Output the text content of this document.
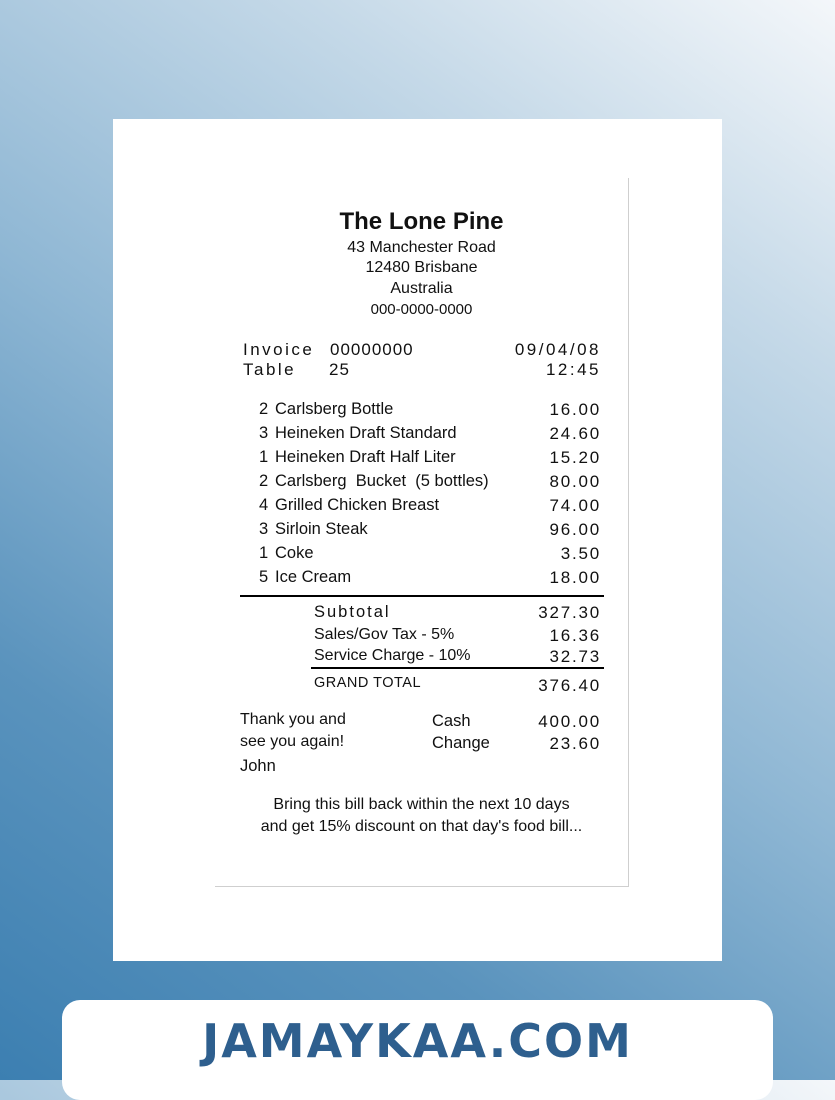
The Lone Pine
43 Manchester Road
12480 Brisbane
Australia
000-0000-0000
Invoice 00000000	09/04/08
Table 25	12:45
2 Carlsberg Bottle	16.00
3 Heineken Draft Standard	24.60
1 Heineken Draft Half Liter	15.20
2 Carlsberg  Bucket  (5 bottles)	80.00
4 Grilled Chicken Breast	74.00
3 Sirloin Steak	96.00
1 Coke	3.50
5 Ice Cream	18.00
Subtotal	327.30
Sales/Gov Tax - 5%	16.36
Service Charge - 10%	32.73
GRAND TOTAL	376.40
Thank you and
see you again!
John
Cash	400.00
Change	23.60
Bring this bill back within the next 10 days
and get 15% discount on that day's food bill...
JAMAYKAA.COM
